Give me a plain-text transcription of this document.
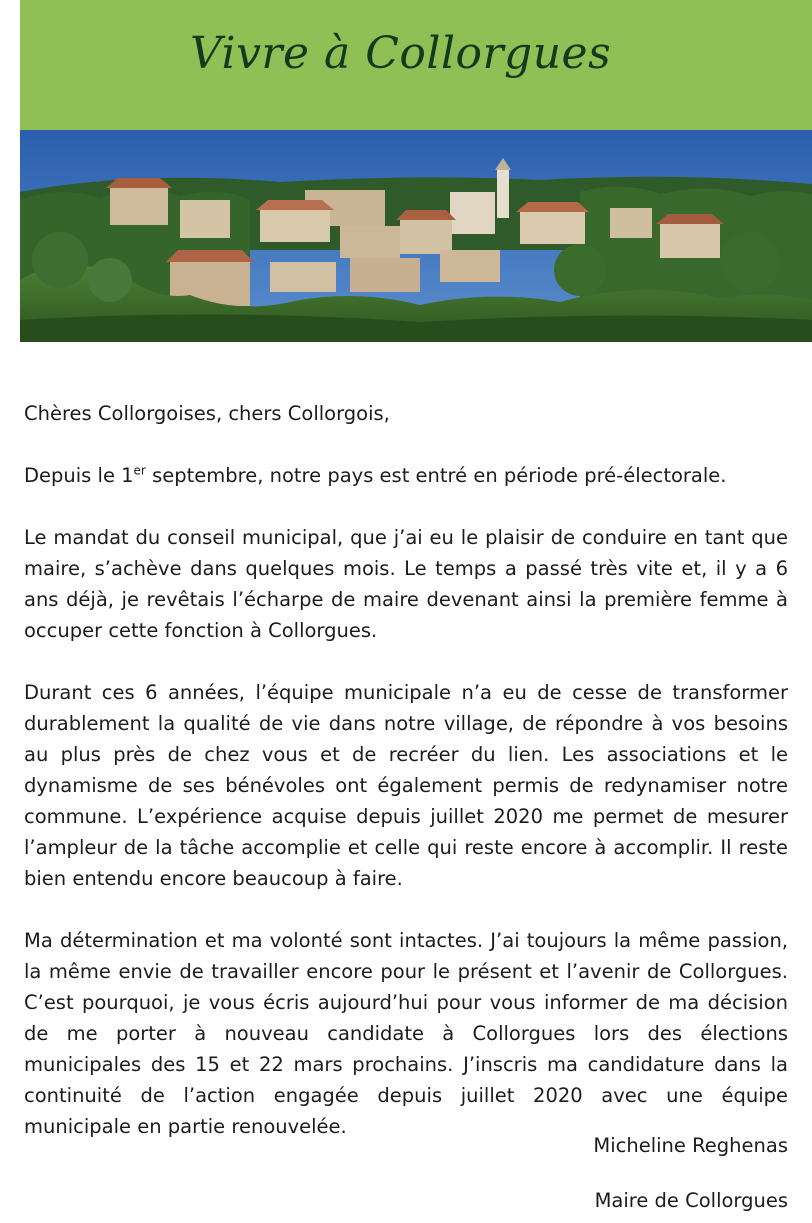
Vivre à Collorgues

Chères Collorgoises, chers Collorgois,

Depuis le 1er septembre, notre pays est entré en période pré-électorale.

Le mandat du conseil municipal, que j’ai eu le plaisir de conduire en tant que maire, s’achève dans quelques mois. Le temps a passé très vite et, il y a 6 ans déjà, je revêtais l’écharpe de maire devenant ainsi la première femme à occuper cette fonction à Collorgues.

Durant ces 6 années, l’équipe municipale n’a eu de cesse de transformer durablement la qualité de vie dans notre village, de répondre à vos besoins au plus près de chez vous et de recréer du lien. Les associations et le dynamisme de ses bénévoles ont également permis de redynamiser notre commune. L’expérience acquise depuis juillet 2020 me permet de mesurer l’ampleur de la tâche accomplie et celle qui reste encore à accomplir. Il reste bien entendu encore beaucoup à faire.

Ma détermination et ma volonté sont intactes. J’ai toujours la même passion, la même envie de travailler encore pour le présent et l’avenir de Collorgues. C’est pourquoi, je vous écris aujourd’hui pour vous informer de ma décision de me porter à nouveau candidate à Collorgues lors des élections municipales des 15 et 22 mars prochains. J’inscris ma candidature dans la continuité de l’action engagée depuis juillet 2020 avec une équipe municipale en partie renouvelée.

Micheline Reghenas
Maire de Collorgues
